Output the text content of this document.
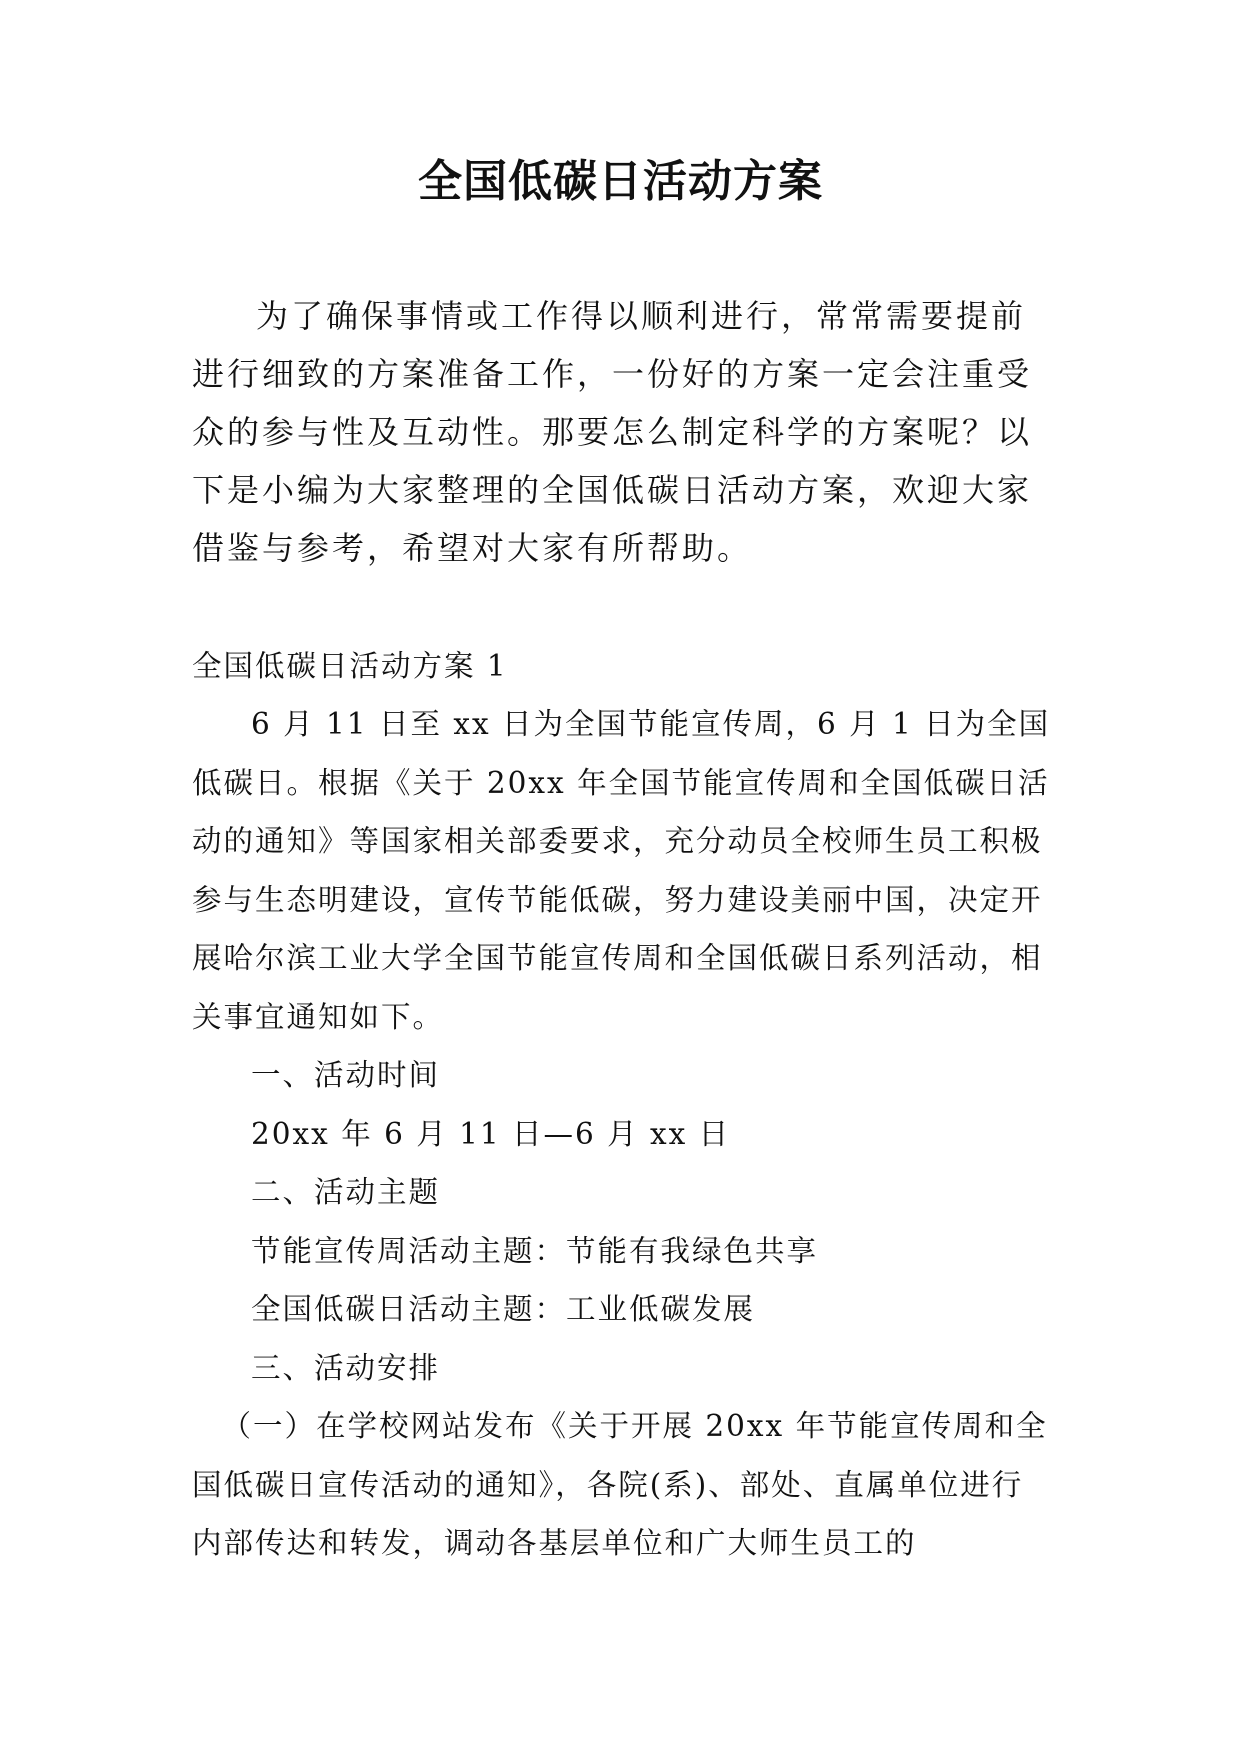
全国低碳日活动方案

为了确保事情或工作得以顺利进行，常常需要提前进行细致的方案准备工作，一份好的方案一定会注重受众的参与性及互动性。那要怎么制定科学的方案呢？以下是小编为大家整理的全国低碳日活动方案，欢迎大家借鉴与参考，希望对大家有所帮助。

全国低碳日活动方案 1

6 月 11 日至 xx 日为全国节能宣传周，6 月 1 日为全国低碳日。根据《关于 20xx 年全国节能宣传周和全国低碳日活动的通知》等国家相关部委要求，充分动员全校师生员工积极参与生态明建设，宣传节能低碳，努力建设美丽中国，决定开展哈尔滨工业大学全国节能宣传周和全国低碳日系列活动，相关事宜通知如下。

一、活动时间

20xx 年 6 月 11 日—6 月 xx 日

二、活动主题

节能宣传周活动主题：节能有我绿色共享

全国低碳日活动主题：工业低碳发展

三、活动安排

（一）在学校网站发布《关于开展 20xx 年节能宣传周和全国低碳日宣传活动的通知》，各院(系)、部处、直属单位进行内部传达和转发，调动各基层单位和广大师生员工的
